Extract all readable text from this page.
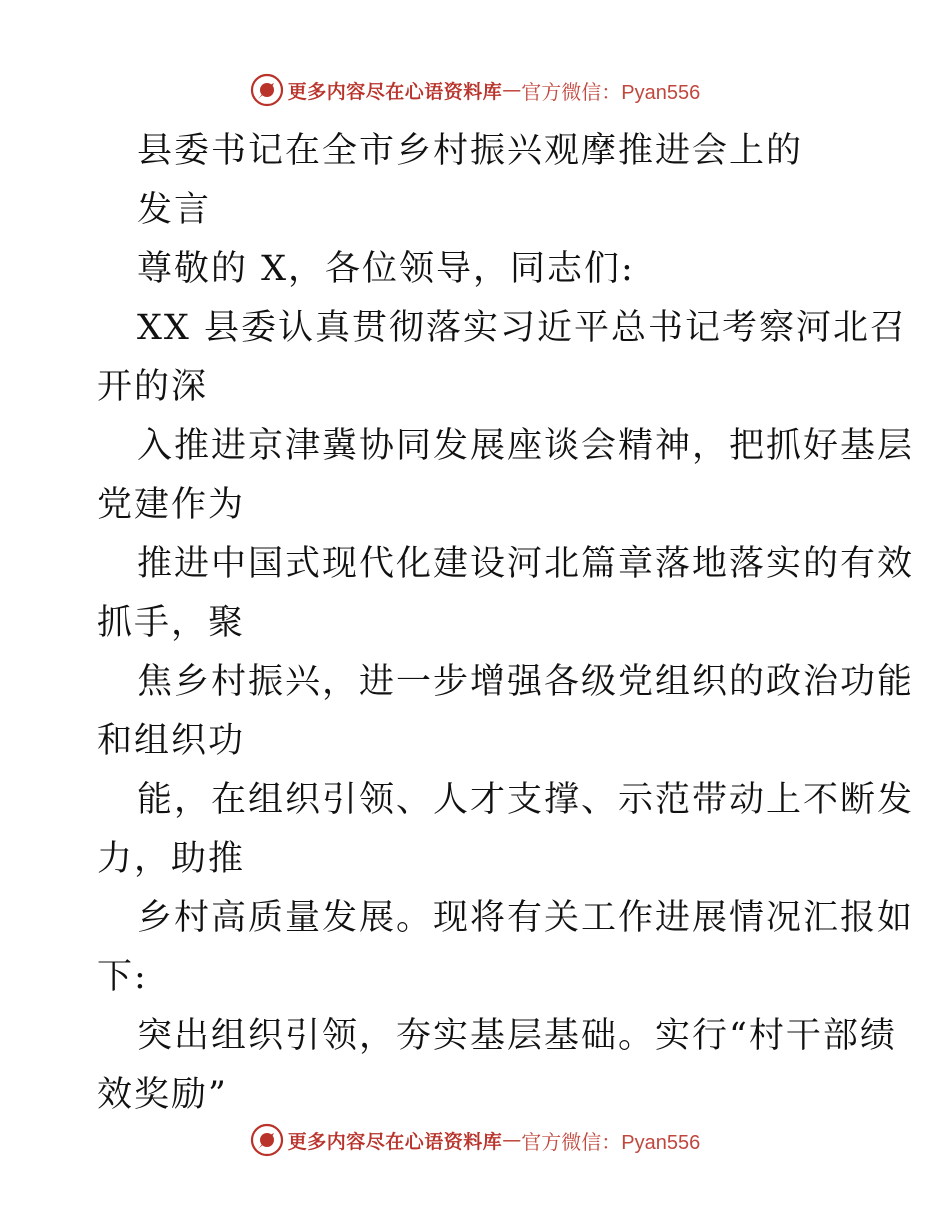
更多内容尽在心语资料库 — 官方微信：Pyan556
县委书记在全市乡村振兴观摩推进会上的
发言
尊敬的 X，各位领导，同志们:
XX 县委认真贯彻落实习近平总书记考察河北召
开的深
入推进京津冀协同发展座谈会精神，把抓好基层
党建作为
推进中国式现代化建设河北篇章落地落实的有效
抓手，聚
焦乡村振兴，进一步增强各级党组织的政治功能
和组织功
能，在组织引领、人才支撑、示范带动上不断发
力，助推
乡村高质量发展。现将有关工作进展情况汇报如
下:
突出组织引领，夯实基层基础。实行“村干部绩
效奖励”
更多内容尽在心语资料库 — 官方微信：Pyan556
